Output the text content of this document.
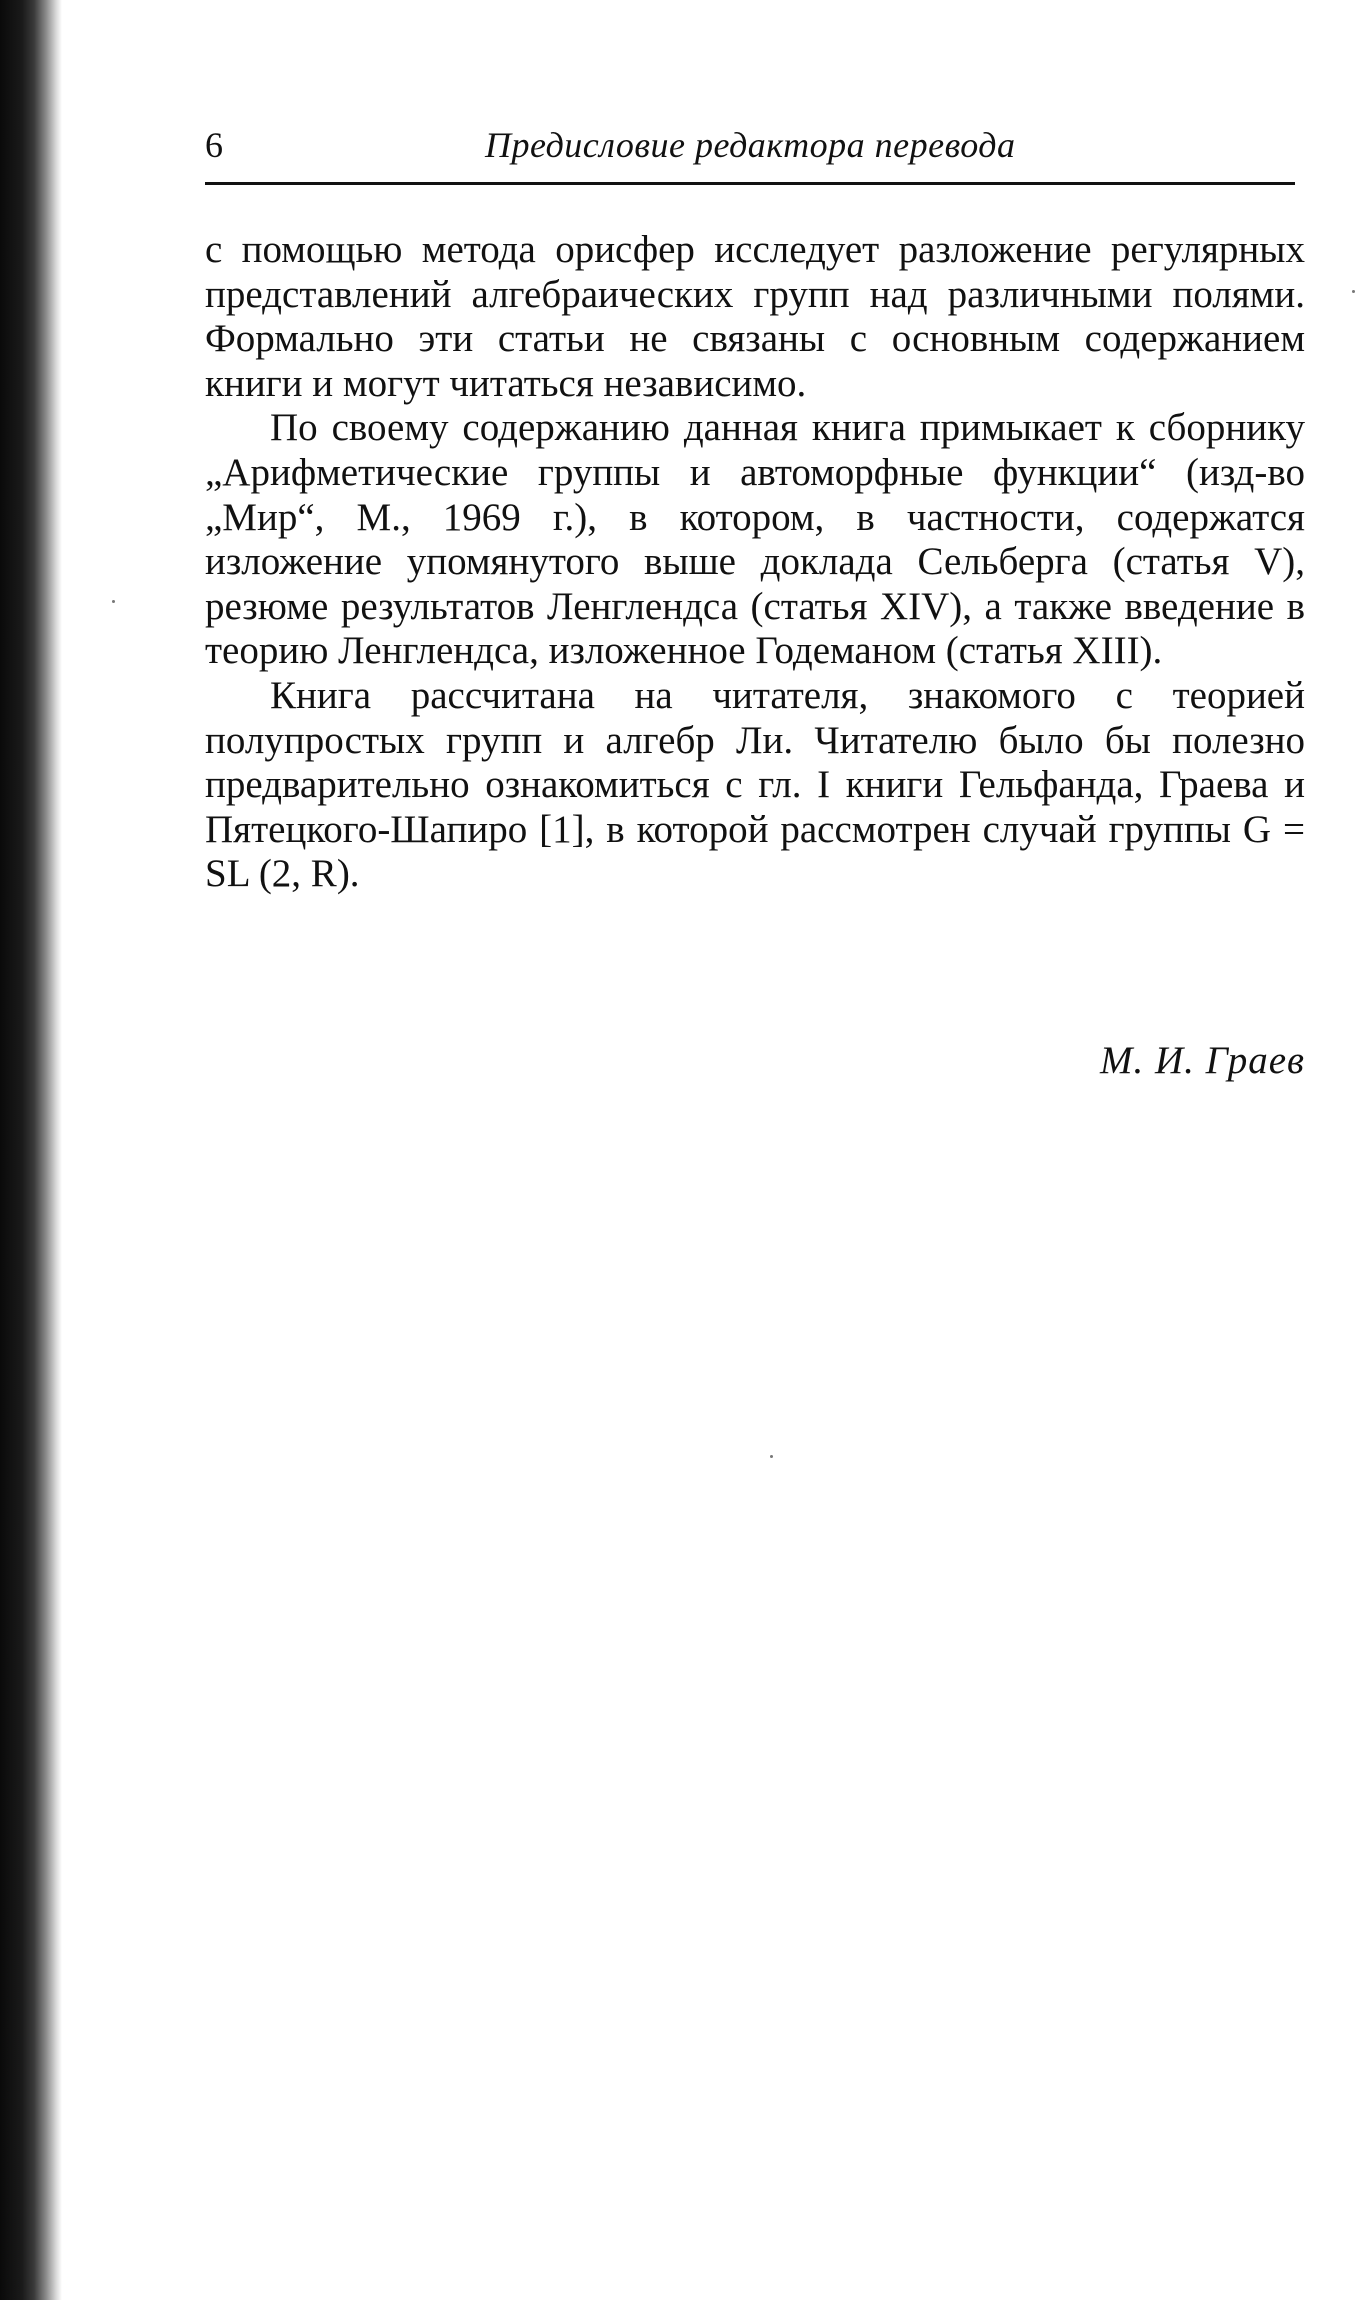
6	Предисловие редактора перевода

с помощью метода орисфер исследует разложение регулярных представлений алгебраических групп над различными полями. Формально эти статьи не связаны с основным содержанием книги и могут читаться независимо.

По своему содержанию данная книга примыкает к сборнику „Арифметические группы и автоморфные функции“ (изд-во „Мир“, М., 1969 г.), в котором, в частности, содержатся изложение упомянутого выше доклада Сельберга (статья V), резюме результатов Ленглендса (статья XIV), а также введение в теорию Ленглендса, изложенное Годеманом (статья XIII).

Книга рассчитана на читателя, знакомого с теорией полупростых групп и алгебр Ли. Читателю было бы полезно предварительно ознакомиться с гл. I книги Гельфанда, Граева и Пятецкого-Шапиро [1], в которой рассмотрен случай группы G = SL (2, R).

М. И. Граев
